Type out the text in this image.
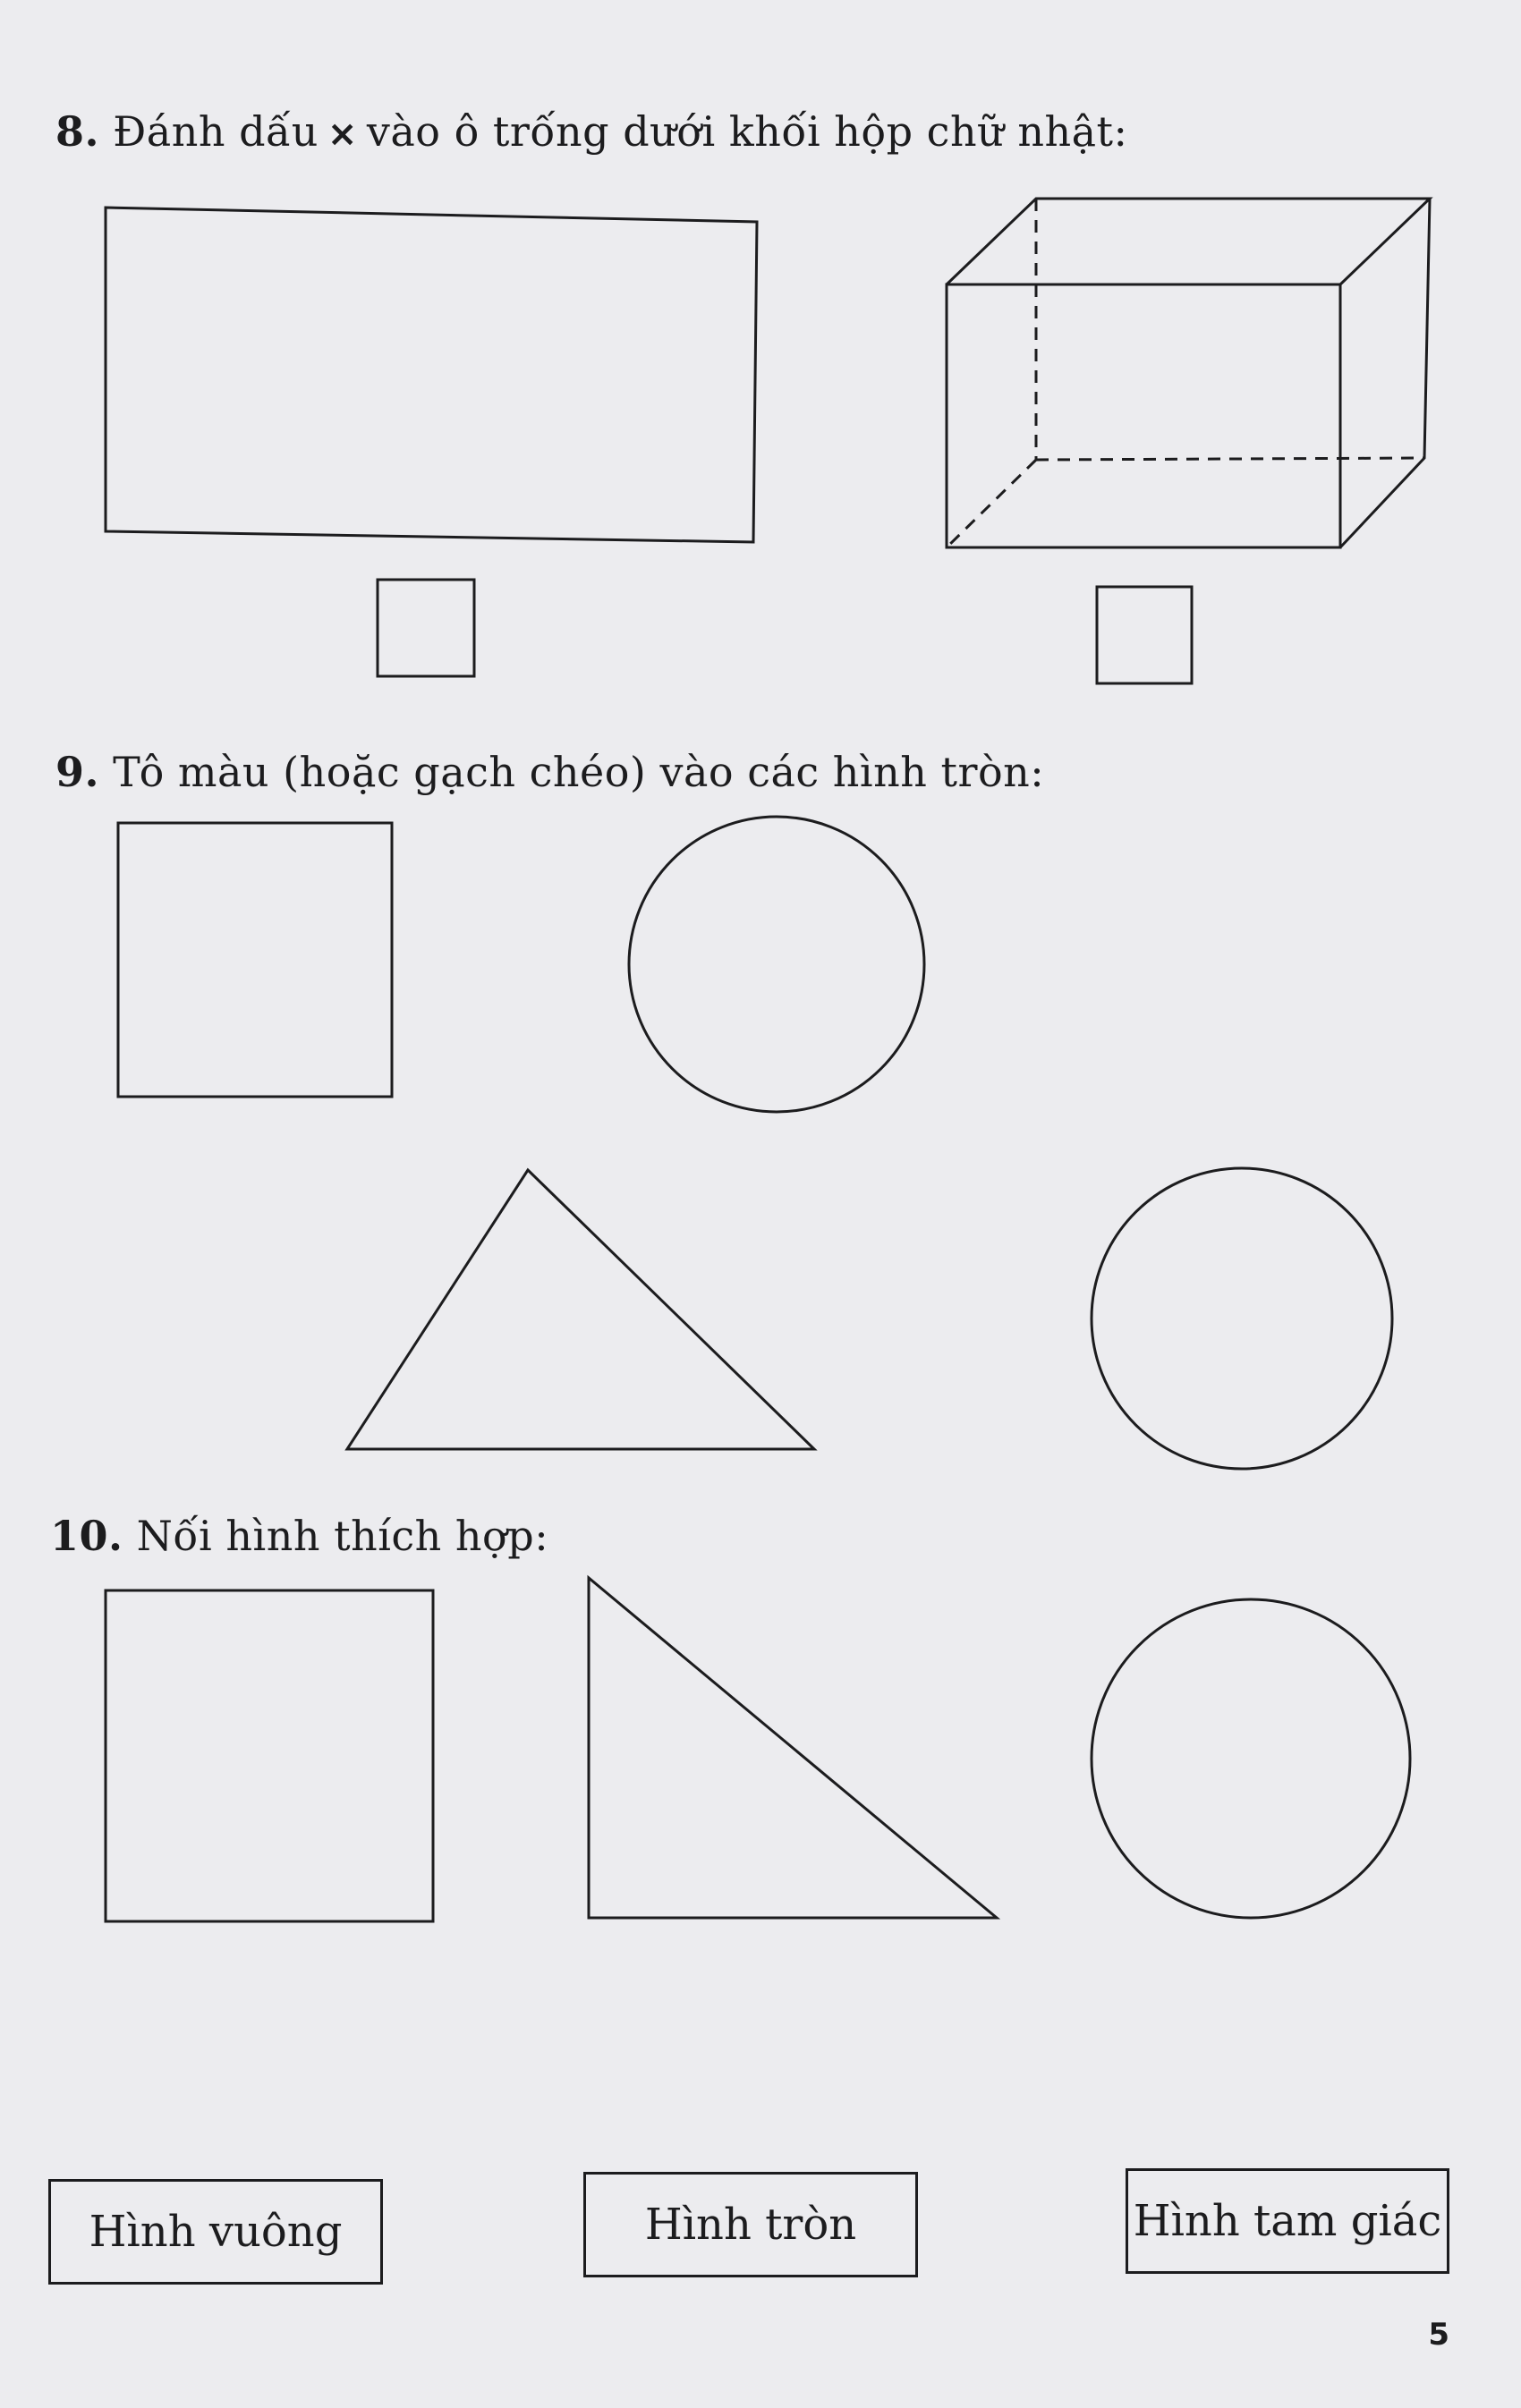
8. Đánh dấu × vào ô trống dưới khối hộp chữ nhật:
9. Tô màu (hoặc gạch chéo) vào các hình tròn:
10. Nối hình thích hợp:
Hình vuông	Hình tròn	Hình tam giác
5
